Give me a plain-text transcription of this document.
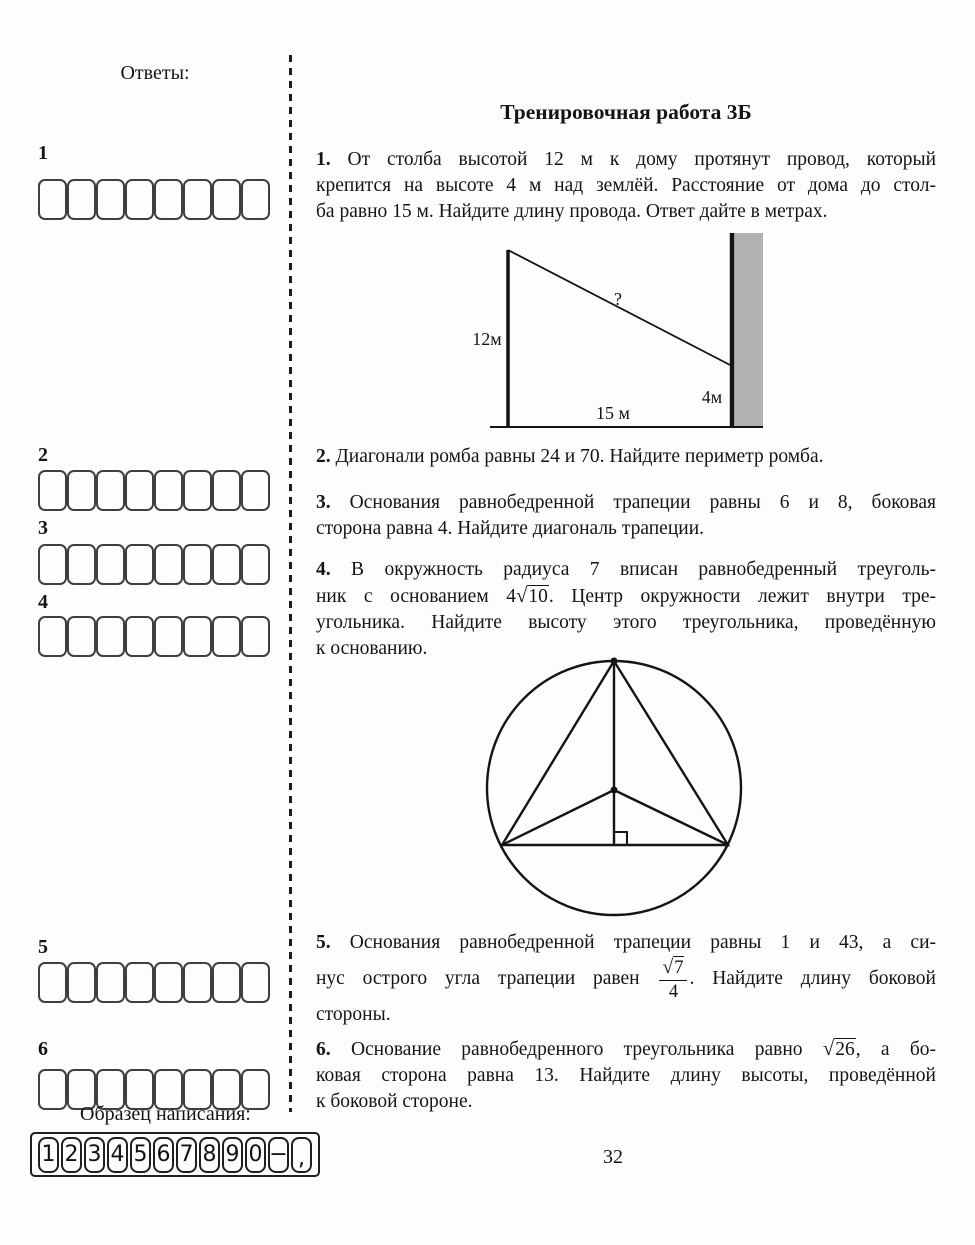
Ответы:
1
2
3
4
5
6
Образец написания:
1 2 3 4 5 6 7 8 9 0 − ,
Тренировочная работа 3Б
1. От столба высотой 12 м к дому протянут провод, который
крепится на высоте 4 м над землёй. Расстояние от дома до стол-
ба равно 15 м. Найдите длину провода. Ответ дайте в метрах.
12м
?
4м
15 м
2. Диагонали ромба равны 24 и 70. Найдите периметр ромба.
3. Основания равнобедренной трапеции равны 6 и 8, боковая
сторона равна 4. Найдите диагональ трапеции.
4. В окружность радиуса 7 вписан равнобедренный треуголь-
ник с основанием 4√10. Центр окружности лежит внутри тре-
угольника. Найдите высоту этого треугольника, проведённую
к основанию.
5. Основания равнобедренной трапеции равны 1 и 43, а си-
нус острого угла трапеции равен $\frac{√7}{4}$ . Найдите длину боковой
стороны.
6. Основание равнобедренного треугольника равно √26, а бо-
ковая сторона равна 13. Найдите длину высоты, проведённой
к боковой стороне.
32
